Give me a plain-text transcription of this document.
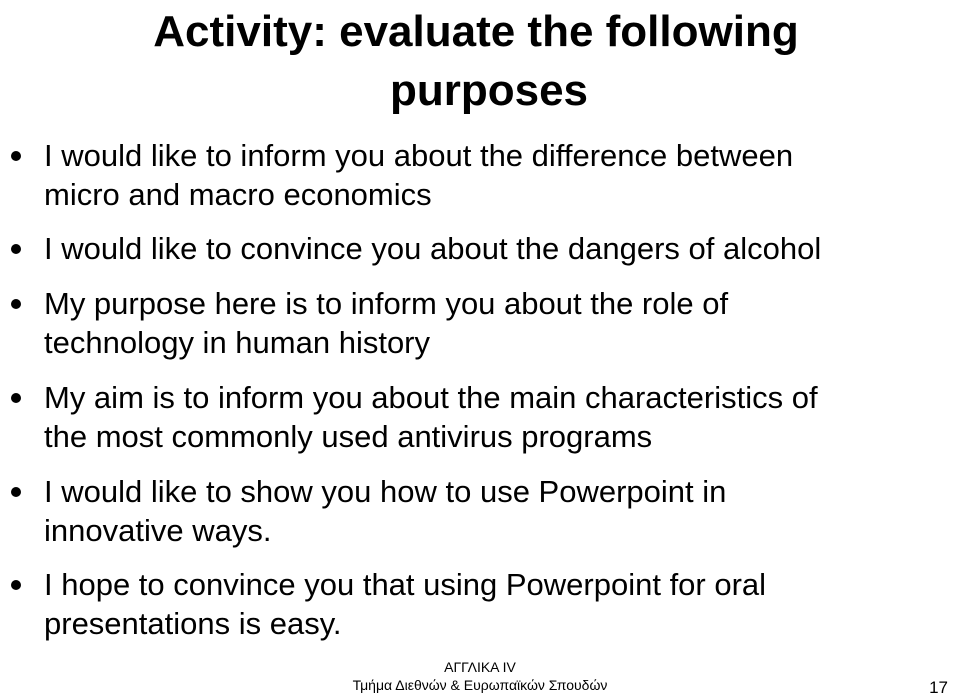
Activity: evaluate the following
purposes
I would like to inform you about the difference between
micro and macro economics
I would like to convince you about the dangers of alcohol
My purpose here is to inform you about the role of
technology in human history
My aim is to inform you about the main characteristics of
the most commonly used antivirus programs
I would like to show you how to use Powerpoint in
innovative ways.
I hope to convince you that using Powerpoint for oral
presentations is easy.
ΑΓΓΛΙΚΑ IV
Τμήμα Διεθνών & Ευρωπαϊκών Σπουδών	17
